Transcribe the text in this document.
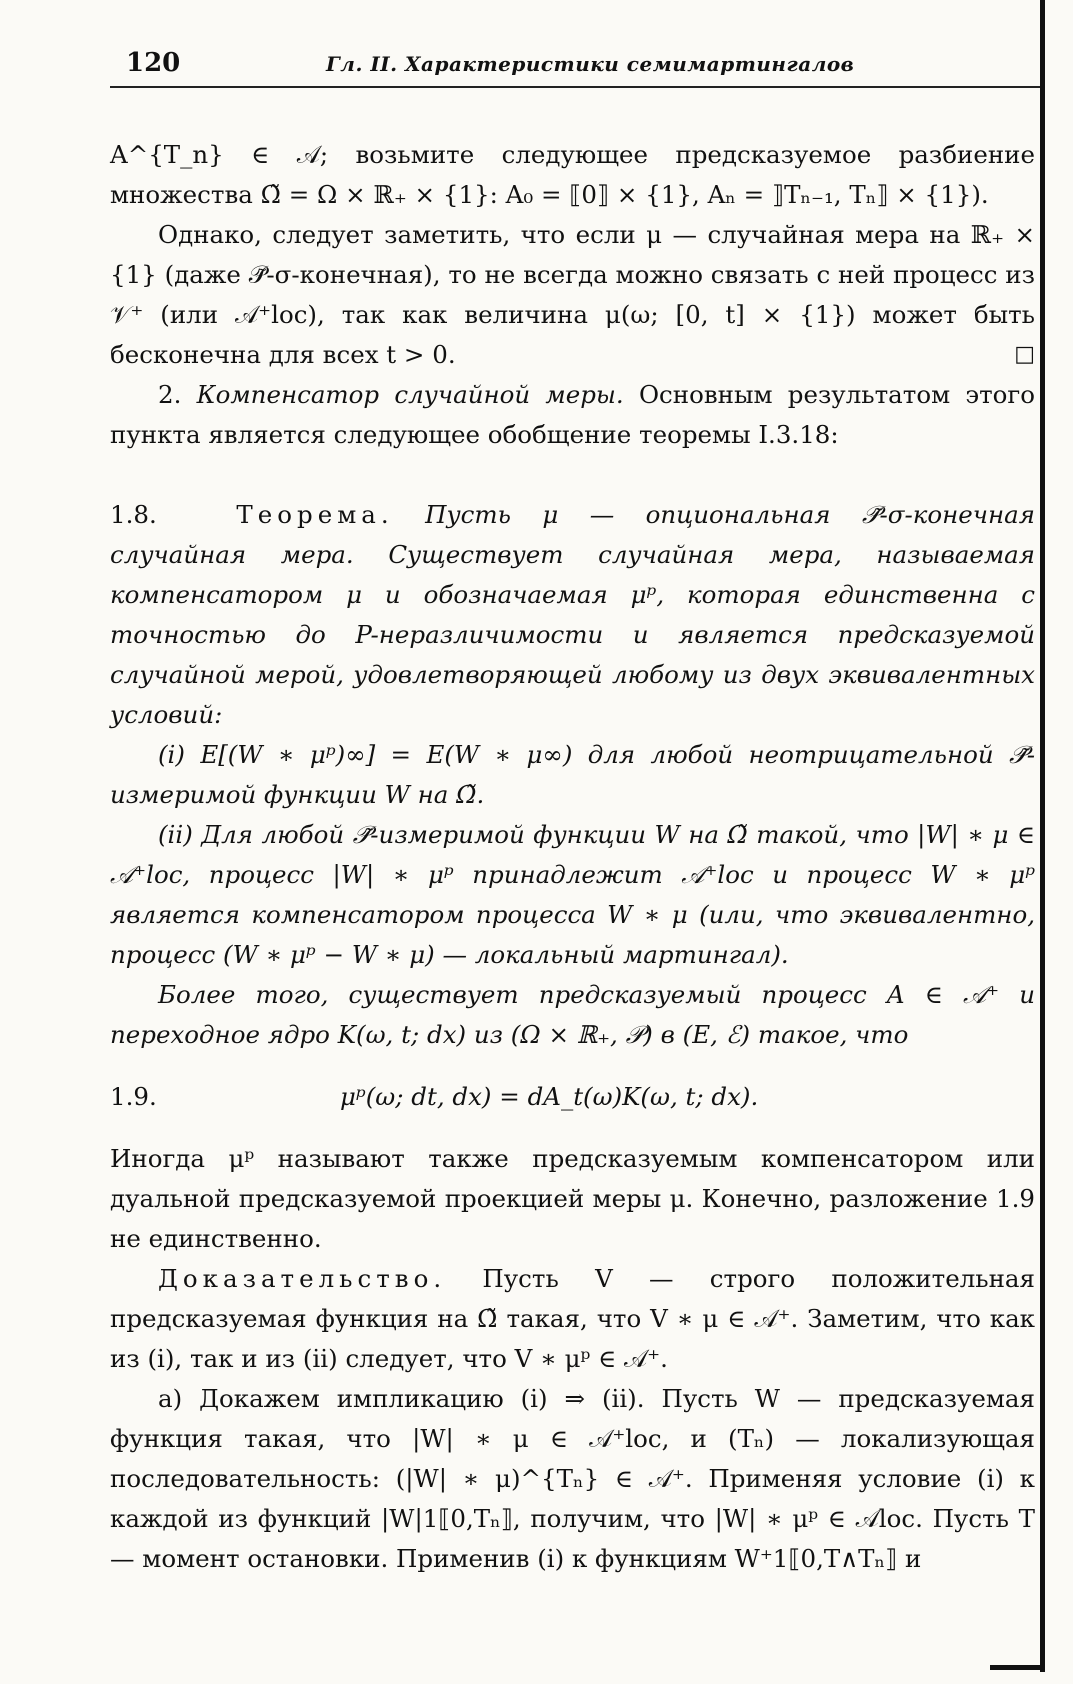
120	Гл. II. Характеристики семимартингалов

A^{T_n} ∈ 𝒜; возьмите следующее предсказуемое разбиение множества Ω̃ = Ω × ℝ₊ × {1}: A₀ = ⟦0⟧ × {1}, Aₙ = ⟧Tₙ₋₁, Tₙ⟧ × {1}).

Однако, следует заметить, что если μ — случайная мера на ℝ₊ × {1} (даже 𝒫̃-σ-конечная), то не всегда можно связать с ней процесс из 𝒱⁺ (или 𝒜⁺loc), так как величина μ(ω; [0, t] × {1}) может быть бесконечна для всех t > 0.	□

2. Компенсатор случайной меры. Основным результатом этого пункта является следующее обобщение теоремы I.3.18:

1.8.	Теорема. Пусть μ — опциональная 𝒫̃-σ-конечная случайная мера. Существует случайная мера, называемая компенсатором μ и обозначаемая μᵖ, которая единственна с точностью до P-неразличимости и является предсказуемой случайной мерой, удовлетворяющей любому из двух эквивалентных условий:

(i) E[(W ∗ μᵖ)∞] = E(W ∗ μ∞) для любой неотрицательной 𝒫̃-измеримой функции W на Ω̃.

(ii) Для любой 𝒫̃-измеримой функции W на Ω̃ такой, что |W| ∗ μ ∈ 𝒜⁺loc, процесс |W| ∗ μᵖ принадлежит 𝒜⁺loc и процесс W ∗ μᵖ является компенсатором процесса W ∗ μ (или, что эквивалентно, процесс (W ∗ μᵖ − W ∗ μ) — локальный мартингал).

Более того, существует предсказуемый процесс A ∈ 𝒜⁺ и переходное ядро K(ω, t; dx) из (Ω × ℝ₊, 𝒫) в (E, ℰ) такое, что

1.9.	μᵖ(ω; dt, dx) = dA_t(ω)K(ω, t; dx).

Иногда μᵖ называют также предсказуемым компенсатором или дуальной предсказуемой проекцией меры μ. Конечно, разложение 1.9 не единственно.

Доказательство. Пусть V — строго положительная предсказуемая функция на Ω̃ такая, что V ∗ μ ∈ 𝒜⁺. Заметим, что как из (i), так и из (ii) следует, что V ∗ μᵖ ∈ 𝒜⁺.

а) Докажем импликацию (i) ⇒ (ii). Пусть W — предсказуемая функция такая, что |W| ∗ μ ∈ 𝒜⁺loc, и (Tₙ) — локализующая последовательность: (|W| ∗ μ)^{Tₙ} ∈ 𝒜⁺. Применяя условие (i) к каждой из функций |W|1⟦0,Tₙ⟧, получим, что |W| ∗ μᵖ ∈ 𝒜loc. Пусть T — момент остановки. Применив (i) к функциям W⁺1⟦0,T∧Tₙ⟧ и
